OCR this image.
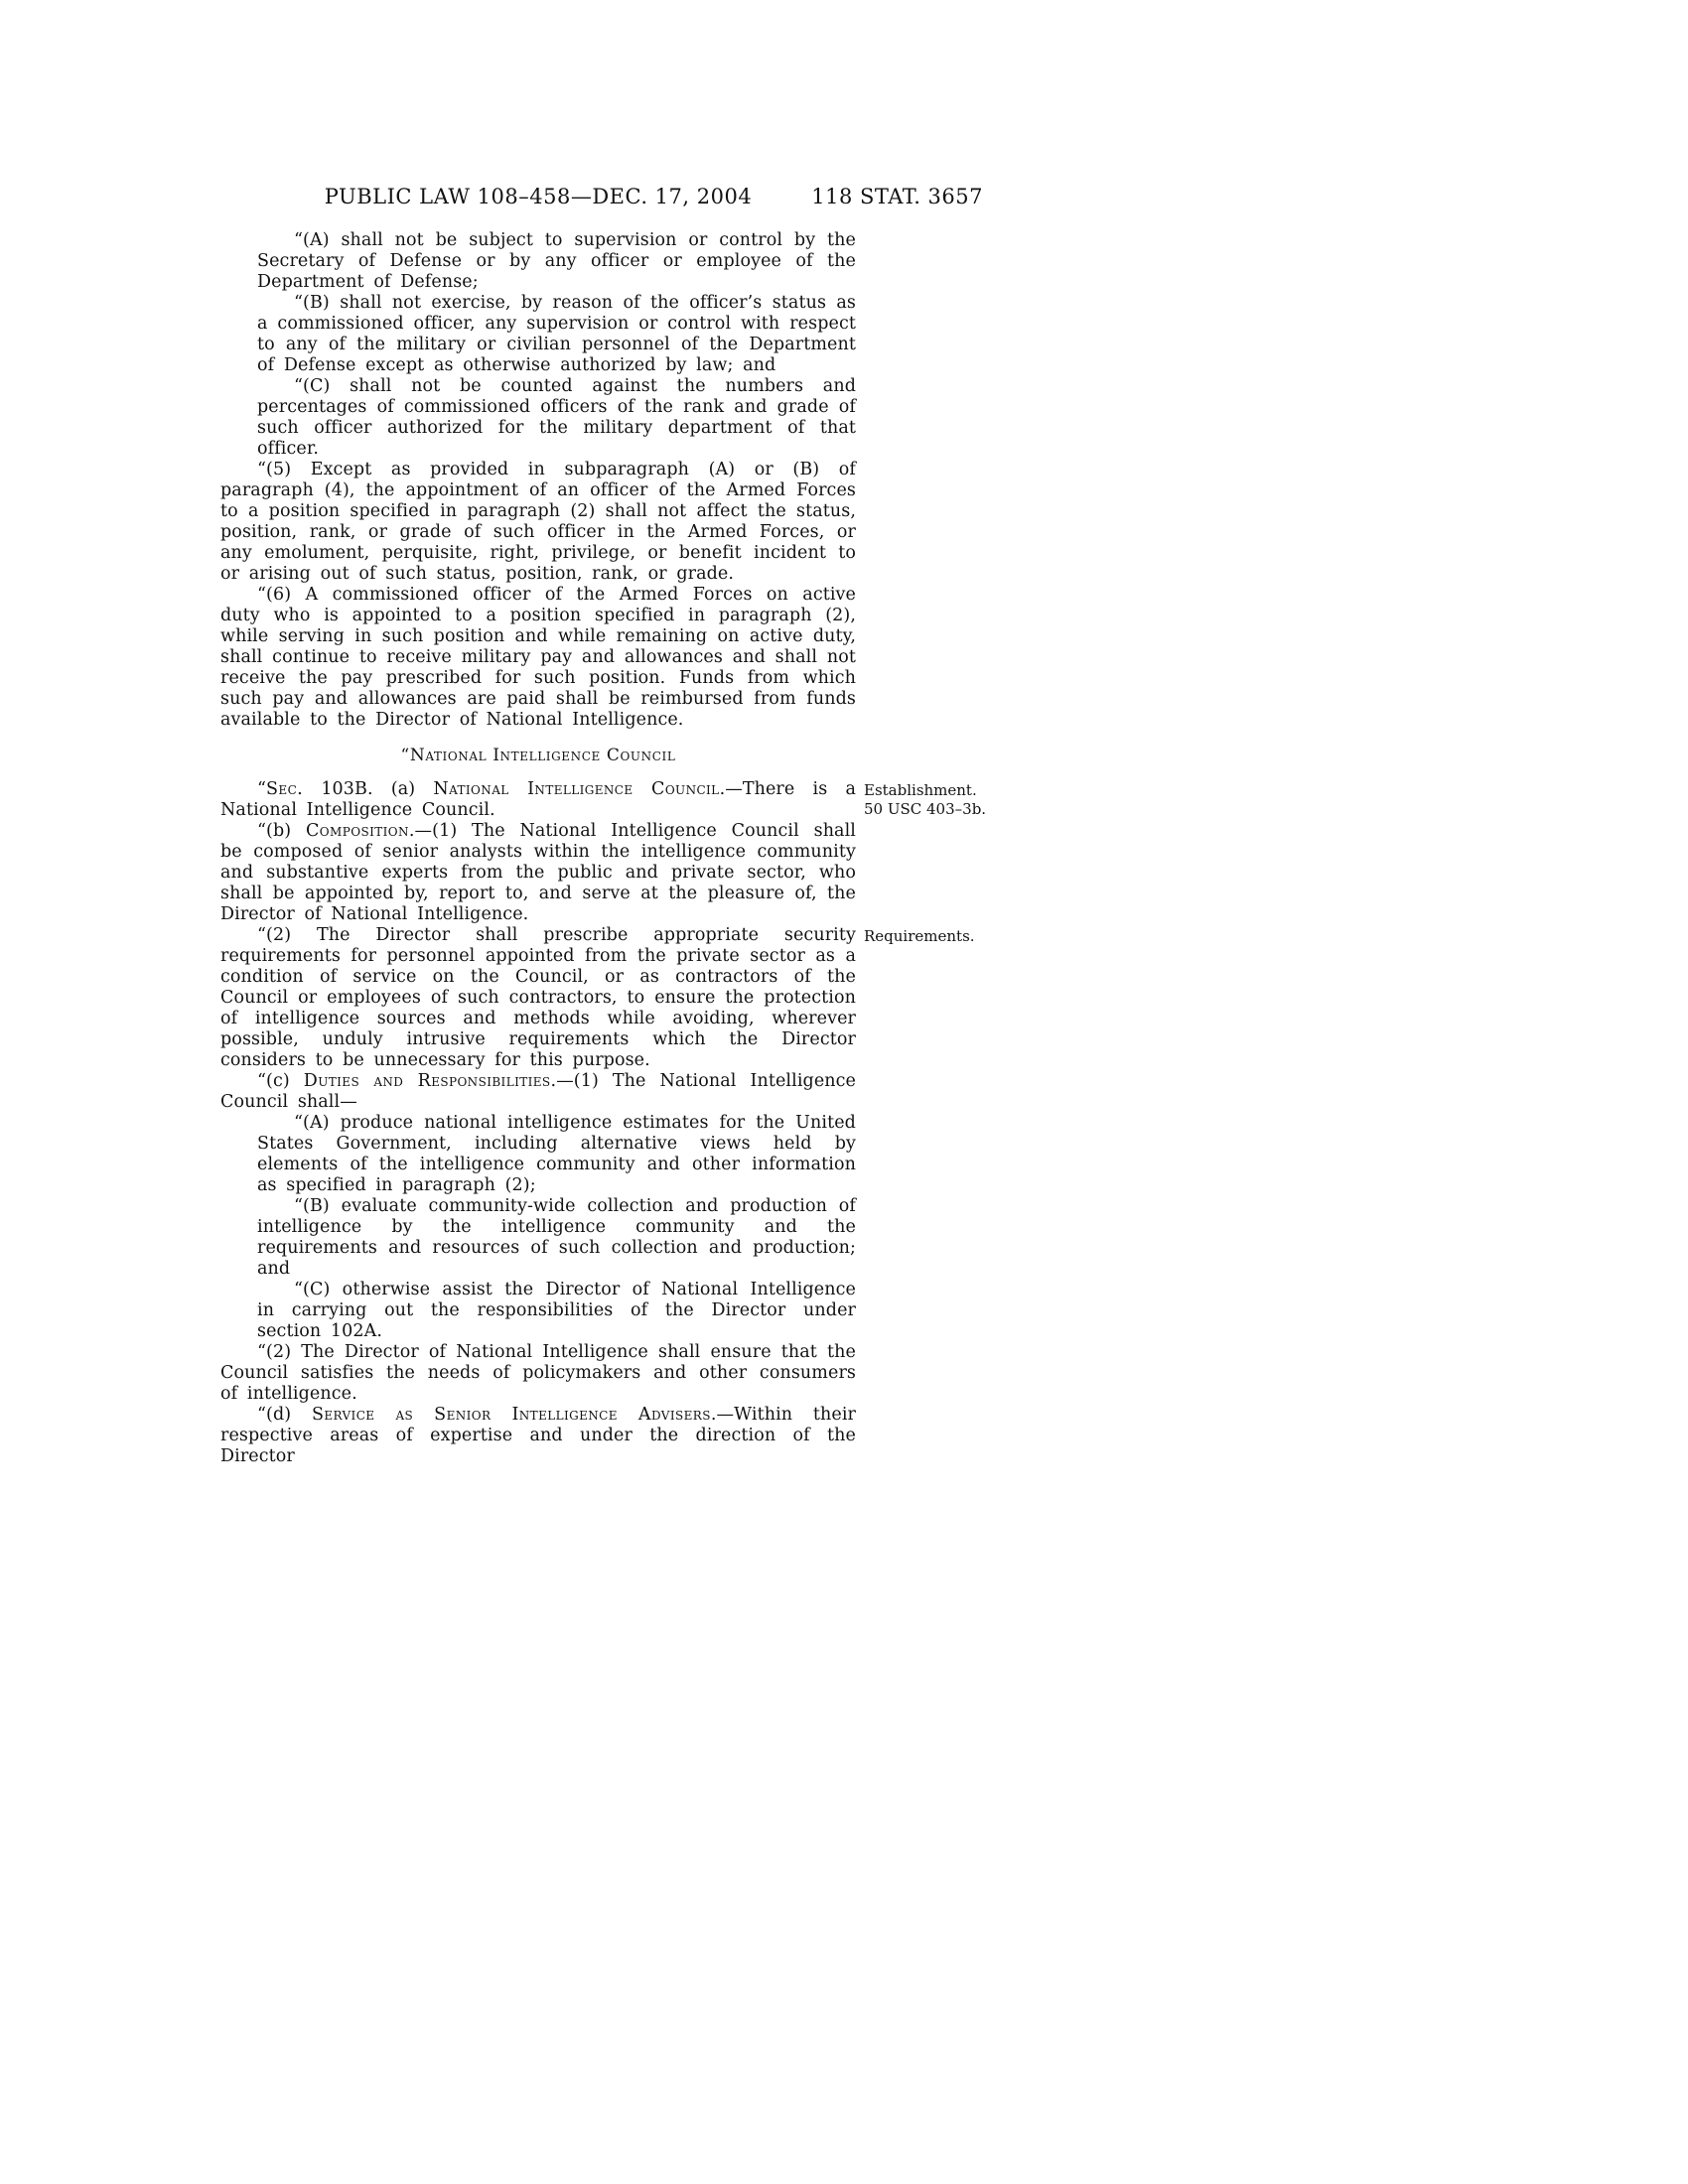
PUBLIC LAW 108–458—DEC. 17, 2004	118 STAT. 3657

“(A) shall not be subject to supervision or control by the Secretary of Defense or by any officer or employee of the Department of Defense;

“(B) shall not exercise, by reason of the officer’s status as a commissioned officer, any supervision or control with respect to any of the military or civilian personnel of the Department of Defense except as otherwise authorized by law; and

“(C) shall not be counted against the numbers and percentages of commissioned officers of the rank and grade of such officer authorized for the military department of that officer.

“(5) Except as provided in subparagraph (A) or (B) of paragraph (4), the appointment of an officer of the Armed Forces to a position specified in paragraph (2) shall not affect the status, position, rank, or grade of such officer in the Armed Forces, or any emolument, perquisite, right, privilege, or benefit incident to or arising out of such status, position, rank, or grade.

“(6) A commissioned officer of the Armed Forces on active duty who is appointed to a position specified in paragraph (2), while serving in such position and while remaining on active duty, shall continue to receive military pay and allowances and shall not receive the pay prescribed for such position. Funds from which such pay and allowances are paid shall be reimbursed from funds available to the Director of National Intelligence.

“National Intelligence Council

“Sec. 103B. (a) National Intelligence Council.—There is a National Intelligence Council.
Establishment.
50 USC 403–3b.

“(b) Composition.—(1) The National Intelligence Council shall be composed of senior analysts within the intelligence community and substantive experts from the public and private sector, who shall be appointed by, report to, and serve at the pleasure of, the Director of National Intelligence.

“(2) The Director shall prescribe appropriate security requirements for personnel appointed from the private sector as a condition of service on the Council, or as contractors of the Council or employees of such contractors, to ensure the protection of intelligence sources and methods while avoiding, wherever possible, unduly intrusive requirements which the Director considers to be unnecessary for this purpose.
Requirements.

“(c) Duties and Responsibilities.—(1) The National Intelligence Council shall—

“(A) produce national intelligence estimates for the United States Government, including alternative views held by elements of the intelligence community and other information as specified in paragraph (2);

“(B) evaluate community-wide collection and production of intelligence by the intelligence community and the requirements and resources of such collection and production; and

“(C) otherwise assist the Director of National Intelligence in carrying out the responsibilities of the Director under section 102A.

“(2) The Director of National Intelligence shall ensure that the Council satisfies the needs of policymakers and other consumers of intelligence.

“(d) Service as Senior Intelligence Advisers.—Within their respective areas of expertise and under the direction of the Director
